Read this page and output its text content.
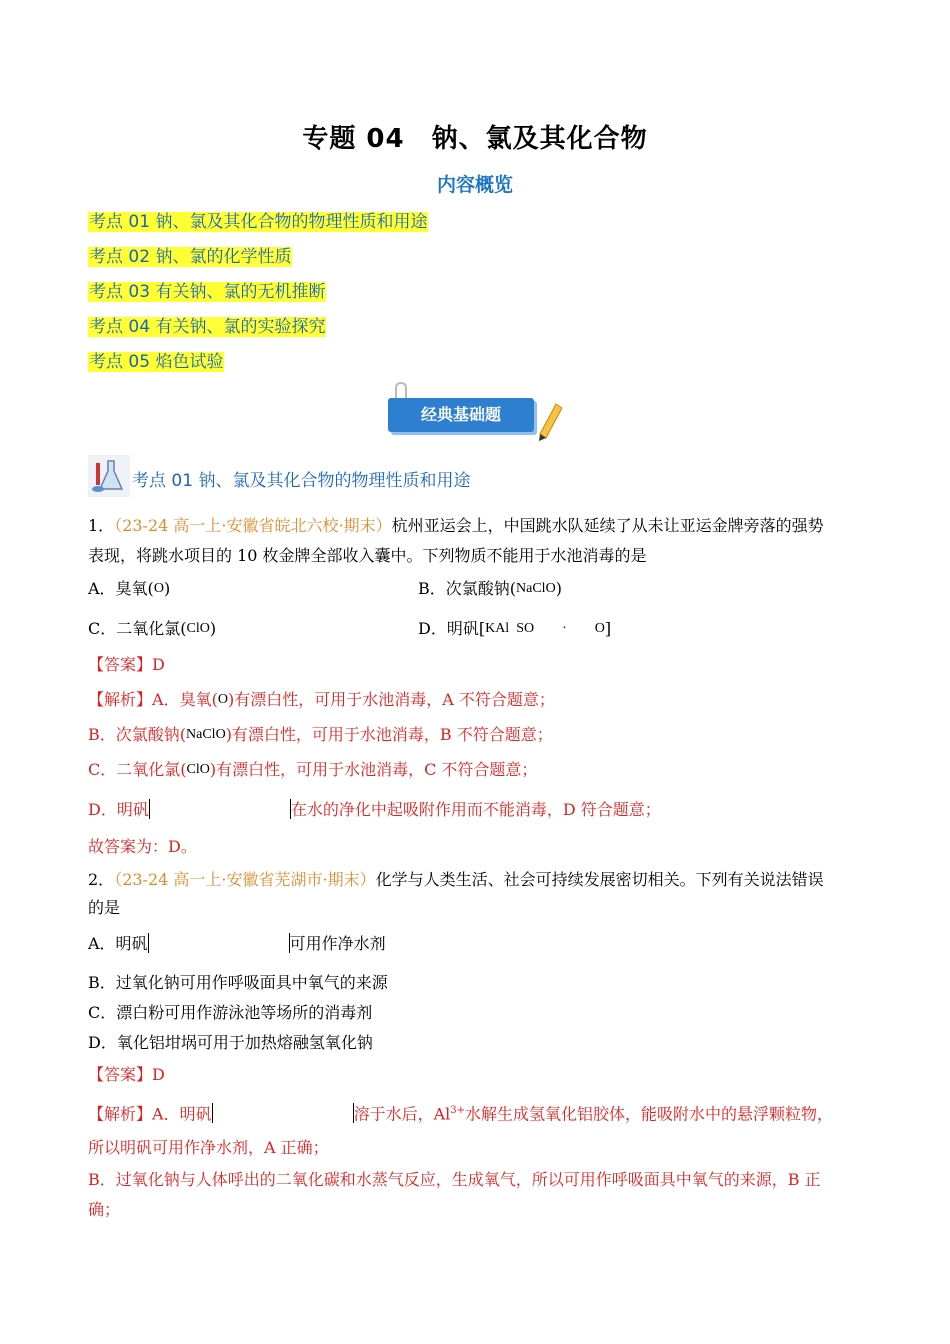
专题 04　钠、氯及其化合物
内容概览
考点 01 钠、氯及其化合物的物理性质和用途
考点 02 钠、氯的化学性质
考点 03 有关钠、氯的无机推断
考点 04 有关钠、氯的实验探究
考点 05 焰色试验
经典基础题
考点 01 钠、氯及其化合物的物理性质和用途
1．（23-24 高一上·安徽省皖北六校·期末）杭州亚运会上，中国跳水队延续了从未让亚运金牌旁落的强势
表现，将跳水项目的 10 枚金牌全部收入囊中。下列物质不能用于水池消毒的是
A．臭氧(O)	B．次氯酸钠(NaClO)
C．二氧化氯(ClO)	D．明矾[KAl  SO        ·        O]
【答案】D
【解析】A．臭氧(O)有漂白性，可用于水池消毒，A 不符合题意；
B．次氯酸钠(NaClO)有漂白性，可用于水池消毒，B 不符合题意；
C．二氧化氯(ClO)有漂白性，可用于水池消毒，C 不符合题意；
D．明矾	在水的净化中起吸附作用而不能消毒，D 符合题意；
故答案为：D。
2．（23-24 高一上·安徽省芜湖市·期末）化学与人类生活、社会可持续发展密切相关。下列有关说法错误
的是
A．明矾	可用作净水剂
B．过氧化钠可用作呼吸面具中氧气的来源
C．漂白粉可用作游泳池等场所的消毒剂
D．氧化铝坩埚可用于加热熔融氢氧化钠
【答案】D
【解析】A．明矾	溶于水后，$Al^{3+}$水解生成氢氧化铝胶体，能吸附水中的悬浮颗粒物，
所以明矾可用作净水剂，A 正确；
B．过氧化钠与人体呼出的二氧化碳和水蒸气反应，生成氧气，所以可用作呼吸面具中氧气的来源，B 正
确；
